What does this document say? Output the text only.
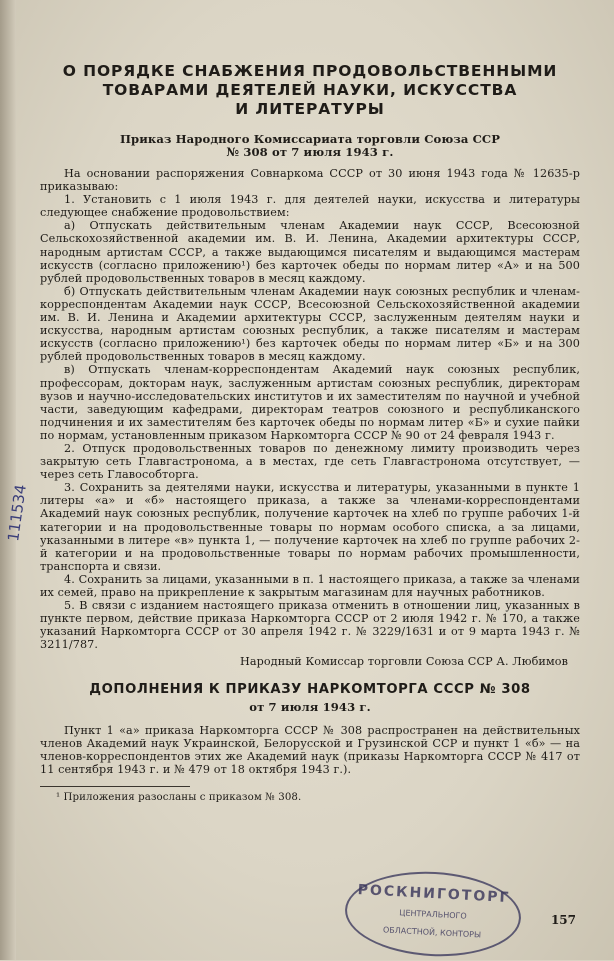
111534
О ПОРЯДКЕ СНАБЖЕНИЯ ПРОДОВОЛЬСТВЕННЫМИ
ТОВАРАМИ ДЕЯТЕЛЕЙ НАУКИ, ИСКУССТВА
И ЛИТЕРАТУРЫ
Приказ Народного Комиссариата торговли Союза ССР
№ 308 от 7 июля 1943 г.

На основании распоряжения Совнаркома СССР от 30 июня 1943 года № 12635-р приказываю:

1. Установить с 1 июля 1943 г. для деятелей науки, искусства и литературы следующее снабжение продовольствием:

а) Отпускать действительным членам Академии наук СССР, Всесоюзной Сельскохозяйственной академии им. В. И. Ленина, Академии архитектуры СССР, народным артистам СССР, а также выдающимся писателям и выдающимся мастерам искусств (согласно приложению¹) без карточек обеды по нормам литер «А» и на 500 рублей продовольственных товаров в месяц каждому.

б) Отпускать действительным членам Академии наук союзных республик и членам-корреспондентам Академии наук СССР, Всесоюзной Сельскохозяйственной академии им. В. И. Ленина и Академии архитектуры СССР, заслуженным деятелям науки и искусства, народным артистам союзных республик, а также писателям и мастерам искусств (согласно приложению¹) без карточек обеды по нормам литер «Б» и на 300 рублей продовольственных товаров в месяц каждому.

в) Отпускать членам-корреспондентам Академий наук союзных республик, профессорам, докторам наук, заслуженным артистам союзных республик, директорам вузов и научно-исследовательских институтов и их заместителям по научной и учебной части, заведующим кафедрами, директорам театров союзного и республиканского подчинения и их заместителям без карточек обеды по нормам литер «Б» и сухие пайки по нормам, установленным приказом Наркомторга СССР № 90 от 24 февраля 1943 г.

2. Отпуск продовольственных товаров по денежному лимиту производить через закрытую сеть Главгастронома, а в местах, где сеть Главгастронома отсутствует, — через сеть Главособторга.

3. Сохранить за деятелями науки, искусства и литературы, указанными в пункте 1 литеры «а» и «б» настоящего приказа, а также за членами-корреспондентами Академий наук союзных республик, получение карточек на хлеб по группе рабочих 1-й категории и на продовольственные товары по нормам особого списка, а за лицами, указанными в литере «в» пункта 1, — получение карточек на хлеб по группе рабочих 2-й категории и на продовольственные товары по нормам рабочих промышленности, транспорта и связи.

4. Сохранить за лицами, указанными в п. 1 настоящего приказа, а также за членами их семей, право на прикрепление к закрытым магазинам для научных работников.

5. В связи с изданием настоящего приказа отменить в отношении лиц, указанных в пункте первом, действие приказа Наркомторга СССР от 2 июля 1942 г. № 170, а также указаний Наркомторга СССР от 30 апреля 1942 г. № 3229/1631 и от 9 марта 1943 г. № 3211/787.

Народный Комиссар торговли Союза ССР А. Любимов

ДОПОЛНЕНИЯ К ПРИКАЗУ НАРКОМТОРГА СССР № 308
от 7 июля 1943 г.

Пункт 1 «а» приказа Наркомторга СССР № 308 распространен на действительных членов Академий наук Украинской, Белорусской и Грузинской ССР и пункт 1 «б» — на членов-корреспондентов этих же Академий наук (приказы Наркомторга СССР № 417 от 11 сентября 1943 г. и № 479 от 18 октября 1943 г.).

¹ Приложения разосланы с приказом № 308.

157
РОСКНИГОТОРГ
ЦЕНТРАЛЬНОГО
ОБЛАСТНОЙ, КОНТОРЫ
